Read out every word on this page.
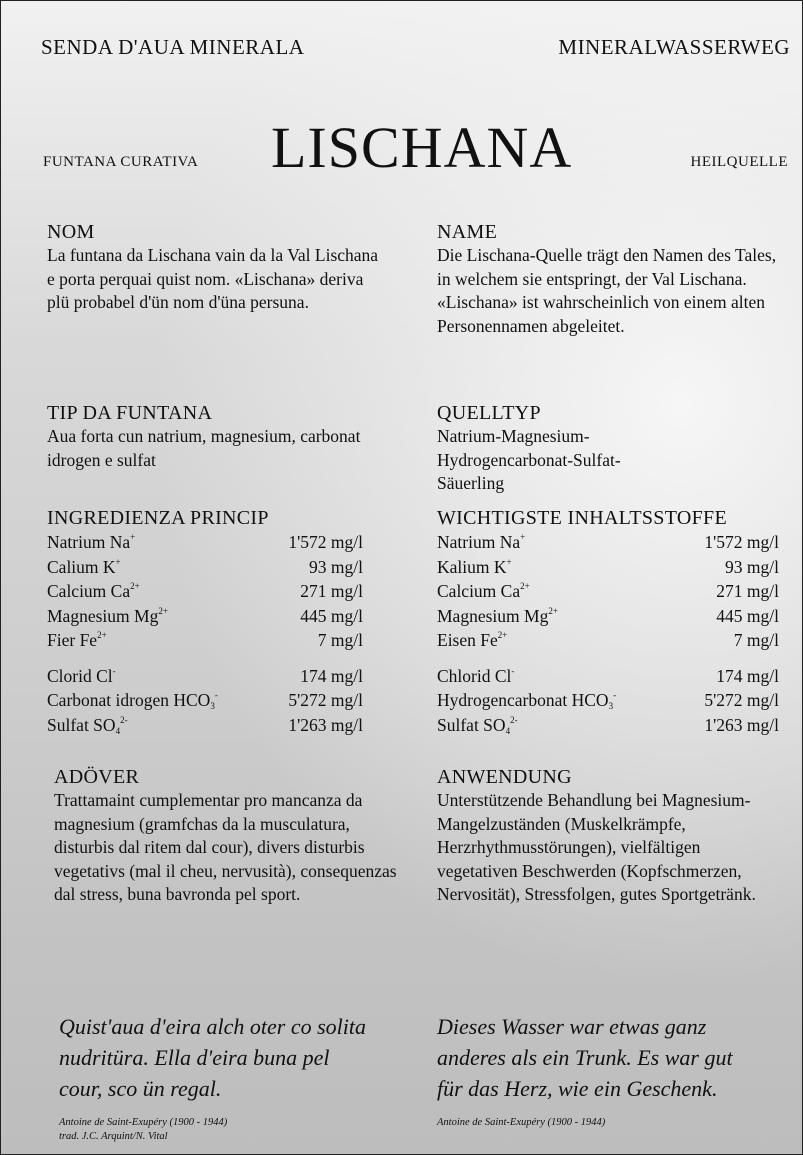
SENDA D'AUA MINERALA	MINERALWASSERWEG
FUNTANA CURATIVA LISCHANA	HEILQUELLE

NOM

La funtana da Lischana vain da la Val Lischana e porta perquai quist nom. «Lischana» deriva plü probabel d'ün nom d'üna persuna.

TIP DA FUNTANA

Aua forta cun natrium, magnesium, carbonat idrogen e sulfat

INGREDIENZA PRINCIP

Natrium Na+	1'572 mg/l
Calium K+	93 mg/l
Calcium $Ca^{2+}$	271 mg/l
Magnesium $Mg^{2+}$	445 mg/l
Fier $Fe^{2+}$	7 mg/l
Clorid Cl-	174 mg/l
Carbonat idrogen $HCO_3^-$	5'272 mg/l
Sulfat $SO_4^{2-}$	1'263 mg/l

ADÖVER

Trattamaint cumplementar pro mancanza da magnesium (gramfchas da la musculatura, disturbis dal ritem dal cour), divers disturbis vegetativs (mal il cheu, nervusità), consequenzas dal stress, buna bavronda pel sport.

NAME

Die Lischana-Quelle trägt den Namen des Tales, in welchem sie entspringt, der Val Lischana. «Lischana» ist wahrscheinlich von einem alten Personennamen abgeleitet.

QUELLTYP

Natrium-Magnesium-Hydrogencarbonat-Sulfat-Säuerling

WICHTIGSTE INHALTSSTOFFE

Natrium Na+	1'572 mg/l
Kalium K+	93 mg/l
Calcium $Ca^{2+}$	271 mg/l
Magnesium $Mg^{2+}$	445 mg/l
Eisen $Fe^{2+}$	7 mg/l
Chlorid Cl-	174 mg/l
Hydrogencarbonat $HCO_3^-$	5'272 mg/l
Sulfat $SO_4^{2-}$	1'263 mg/l

ANWENDUNG

Unterstützende Behandlung bei Magnesium-Mangelzuständen (Muskelkrämpfe, Herzrhythmusstörungen), vielfältigen vegetativen Beschwerden (Kopfschmerzen, Nervosität), Stressfolgen, gutes Sportgetränk.

Quist'aua d'eira alch oter co solita
nudritüra. Ella d'eira buna pel
cour, sco ün regal.

Antoine de Saint-Exupéry (1900 - 1944)
trad. J.C. Arquint/N. Vital

Dieses Wasser war etwas ganz
anderes als ein Trunk. Es war gut
für das Herz, wie ein Geschenk.

Antoine de Saint-Exupéry (1900 - 1944)
